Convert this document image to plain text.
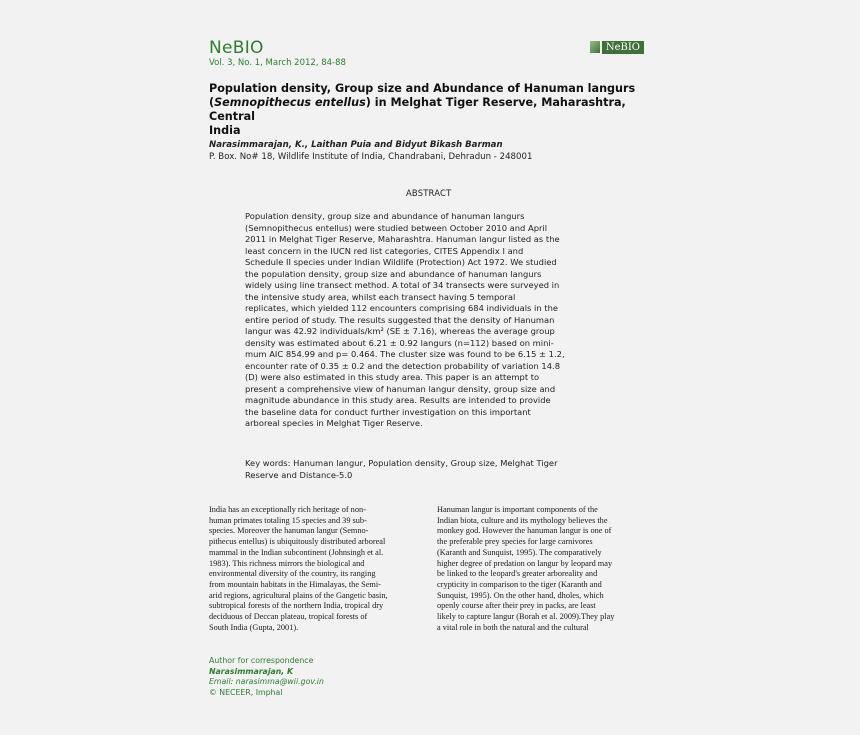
NeBIO
Vol. 3, No. 1, March 2012, 84-88
NeBIO
Population density, Group size and Abundance of Hanuman langurs
(Semnopithecus entellus) in Melghat Tiger Reserve, Maharashtra, Central
India
Narasimmarajan, K., Laithan Puia and Bidyut Bikash Barman
P. Box. No# 18, Wildlife Institute of India, Chandrabani, Dehradun - 248001
ABSTRACT
Population density, group size and abundance of hanuman langurs
(Semnopithecus entellus) were studied between October 2010 and April
2011 in Melghat Tiger Reserve, Maharashtra. Hanuman langur listed as the
least concern in the IUCN red list categories, CITES Appendix I and
Schedule II species under Indian Wildlife (Protection) Act 1972. We studied
the population density, group size and abundance of hanuman langurs
widely using line transect method. A total of 34 transects were surveyed in
the intensive study area, whilst each transect having 5 temporal
replicates, which yielded 112 encounters comprising 684 individuals in the
entire period of study. The results suggested that the density of Hanuman
langur was 42.92 individuals/km² (SE ± 7.16), whereas the average group
density was estimated about 6.21 ± 0.92 langurs (n=112) based on mini-
mum AIC 854.99 and p= 0.464. The cluster size was found to be 6.15 ± 1.2,
encounter rate of 0.35 ± 0.2 and the detection probability of variation 14.8
(D) were also estimated in this study area. This paper is an attempt to
present a comprehensive view of hanuman langur density, group size and
magnitude abundance in this study area. Results are intended to provide
the baseline data for conduct further investigation on this important
arboreal species in Melghat Tiger Reserve.
Key words: Hanuman langur, Population density, Group size, Melghat Tiger
Reserve and Distance-5.0
India has an exceptionally rich heritage of non-
human primates totaling 15 species and 39 sub-
species. Moreover the hanuman langur (Semno-
pithecus entellus) is ubiquitously distributed arboreal
mammal in the Indian subcontinent (Johnsingh et al.
1983). This richness mirrors the biological and
environmental diversity of the country, its ranging
from mountain habitats in the Himalayas, the Semi-
arid regions, agricultural plains of the Gangetic basin,
subtropical forests of the northern India, tropical dry
deciduous of Deccan plateau, tropical forests of
South India (Gupta, 2001).
Hanuman langur is important components of the
Indian biota, culture and its mythology believes the
monkey god. However the hanuman langur is one of
the preferable prey species for large carnivores
(Karanth and Sunquist, 1995). The comparatively
higher degree of predation on langur by leopard may
be linked to the leopard's greater arboreality and
crypticity in comparison to the tiger (Karanth and
Sunquist, 1995). On the other hand, dholes, which
openly course after their prey in packs, are least
likely to capture langur (Borah et al. 2009).They play
a vital role in both the natural and the cultural
Author for correspondence
Narasimmarajan, K
Email: narasimma@wii.gov.in
© NECEER, Imphal
